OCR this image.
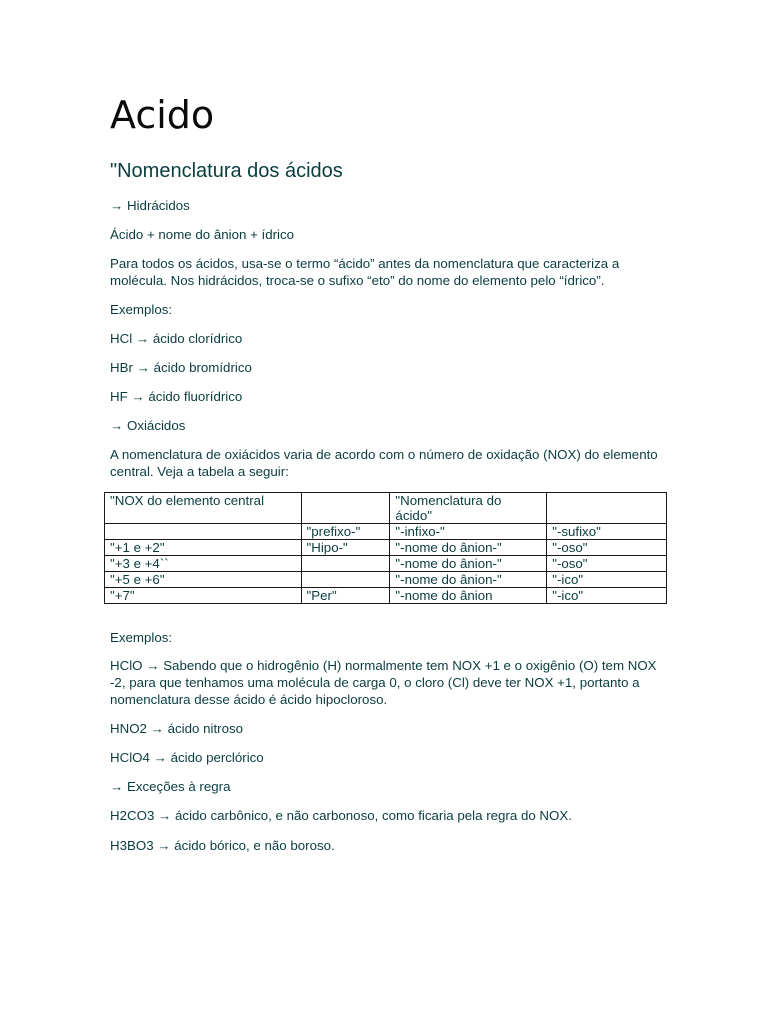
Acido
"Nomenclatura dos ácidos

→ Hidrácidos

Ácido + nome do ânion + ídrico

Para todos os ácidos, usa-se o termo “ácido” antes da nomenclatura que caracteriza a molécula. Nos hidrácidos, troca-se o sufixo “eto” do nome do elemento pelo “ídrico”.

Exemplos:

HCl → ácido clorídrico

HBr → ácido bromídrico

HF → ácido fluorídrico

→ Oxiácidos

A nomenclatura de oxiácidos varia de acordo com o número de oxidação (NOX) do elemento central. Veja a tabela a seguir:

"NOX do elemento central		"Nomenclatura do ácido"	
	"prefixo-"	"-infixo-"	"-sufixo"
"+1 e +2"	"Hipo-"	"-nome do ânion-"	"-oso"
"+3 e +4``		"-nome do ânion-"	"-oso"
"+5 e +6"		"-nome do ânion-"	"-ico"
"+7"	"Per"	"-nome do ânion	"-ico"

Exemplos:

HClO → Sabendo que o hidrogênio (H) normalmente tem NOX +1 e o oxigênio (O) tem NOX -2, para que tenhamos uma molécula de carga 0, o cloro (Cl) deve ter NOX +1, portanto a nomenclatura desse ácido é ácido hipocloroso.

HNO2 → ácido nitroso

HClO4 → ácido perclórico

→ Exceções à regra

H2CO3 → ácido carbônico, e não carbonoso, como ficaria pela regra do NOX.

H3BO3 → ácido bórico, e não boroso.
